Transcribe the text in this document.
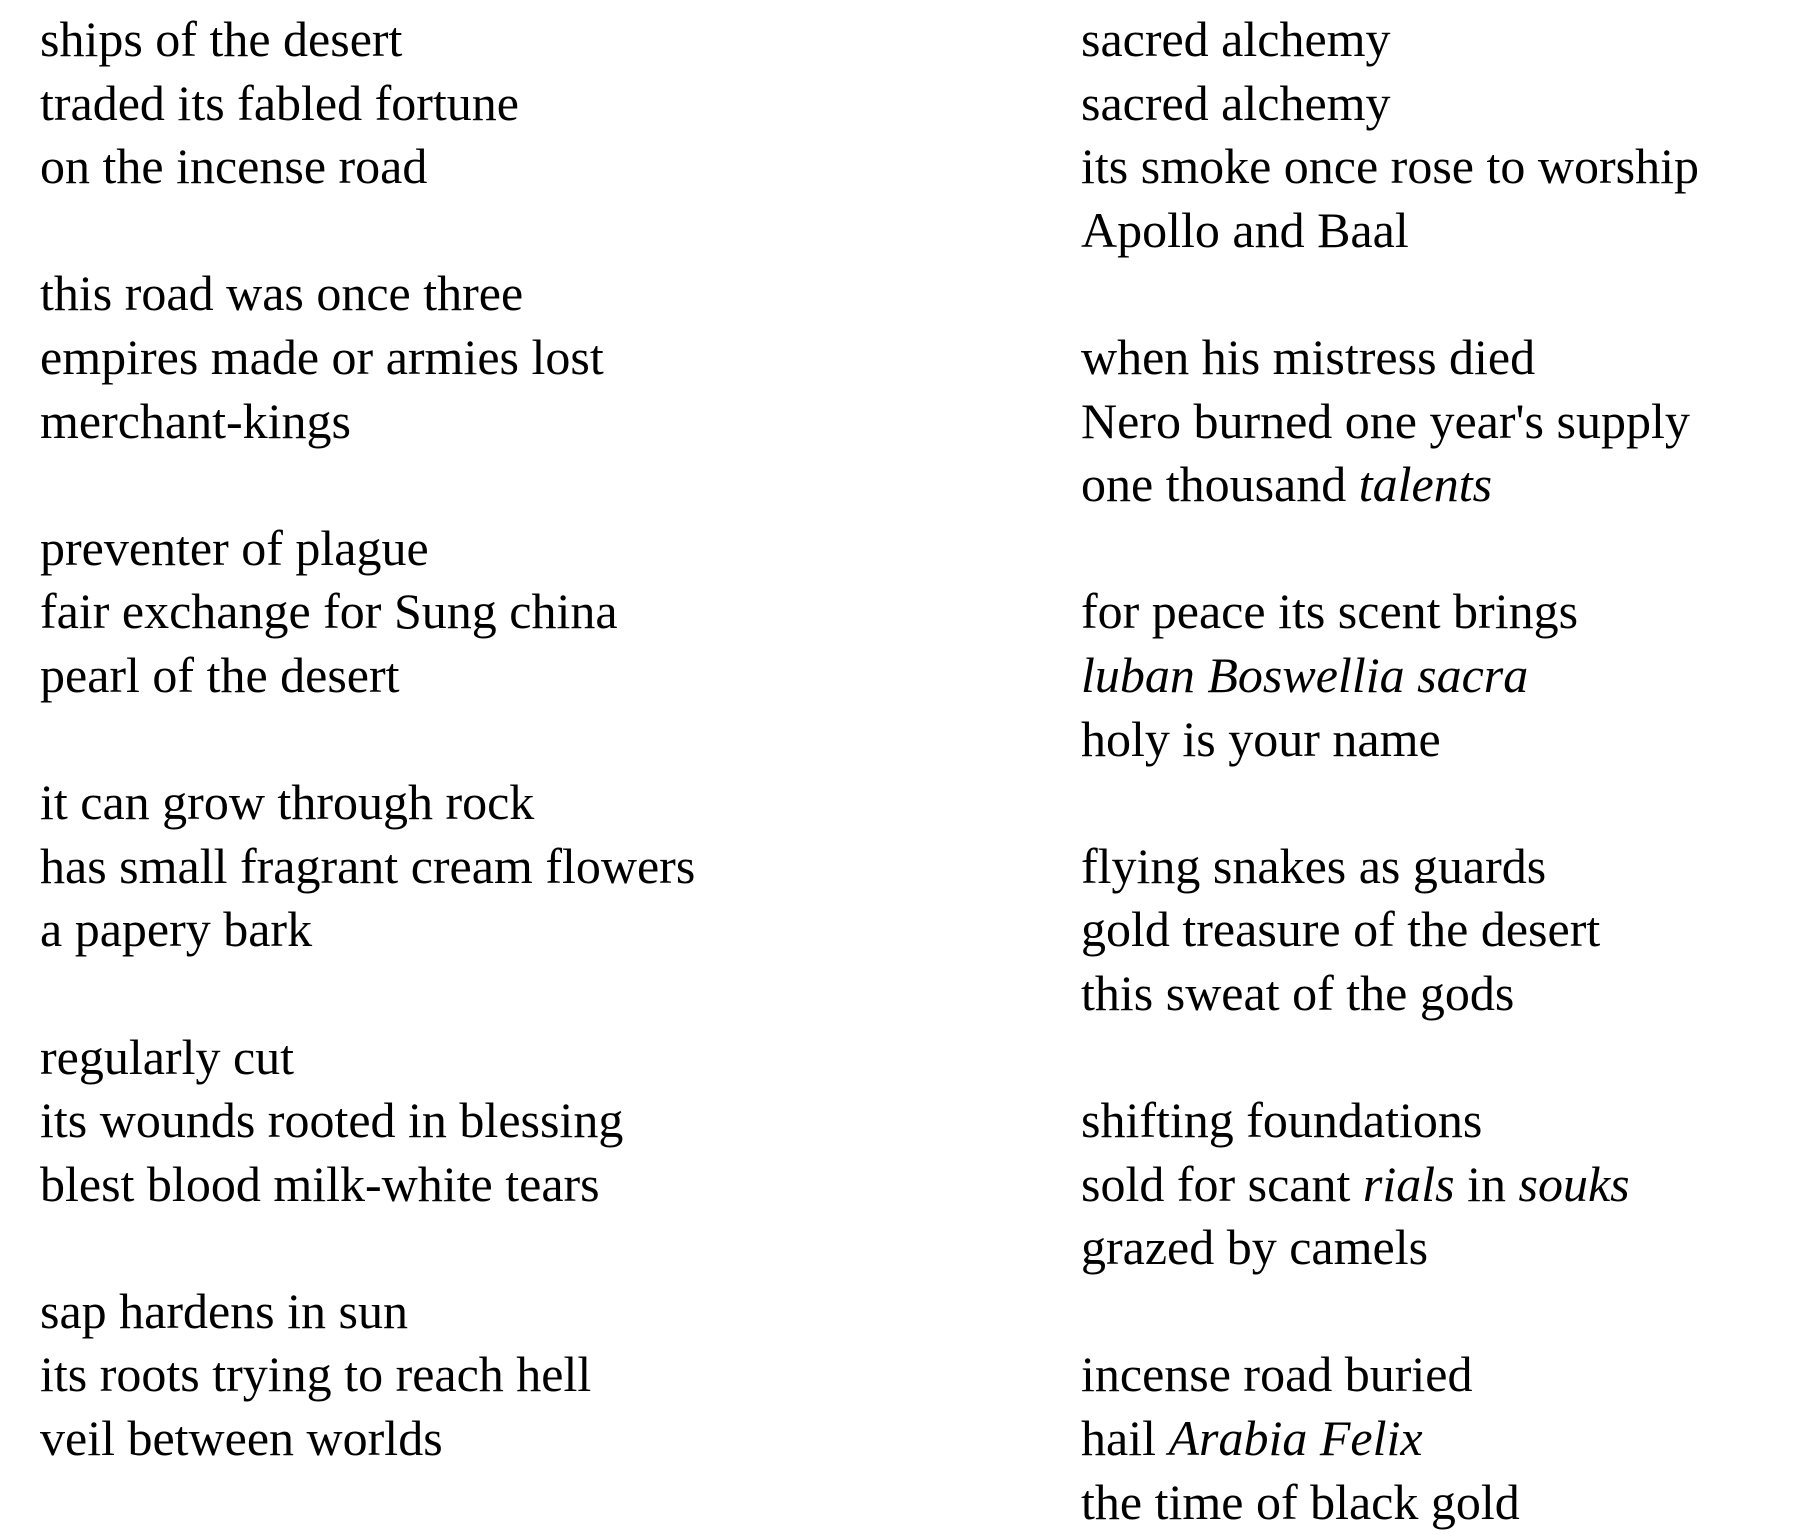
ships of the desert
traded its fabled fortune
on the incense road
this road was once three
empires made or armies lost
merchant-kings
preventer of plague
fair exchange for Sung china
pearl of the desert
it can grow through rock
has small fragrant cream flowers
a papery bark
regularly cut
its wounds rooted in blessing
blest blood milk-white tears
sap hardens in sun
its roots trying to reach hell
veil between worlds
sacred alchemy
sacred alchemy
its smoke once rose to worship
Apollo and Baal
when his mistress died
Nero burned one year's supply
one thousand talents
for peace its scent brings
luban Boswellia sacra
holy is your name
flying snakes as guards
gold treasure of the desert
this sweat of the gods
shifting foundations
sold for scant rials in souks
grazed by camels
incense road buried
hail Arabia Felix
the time of black gold
